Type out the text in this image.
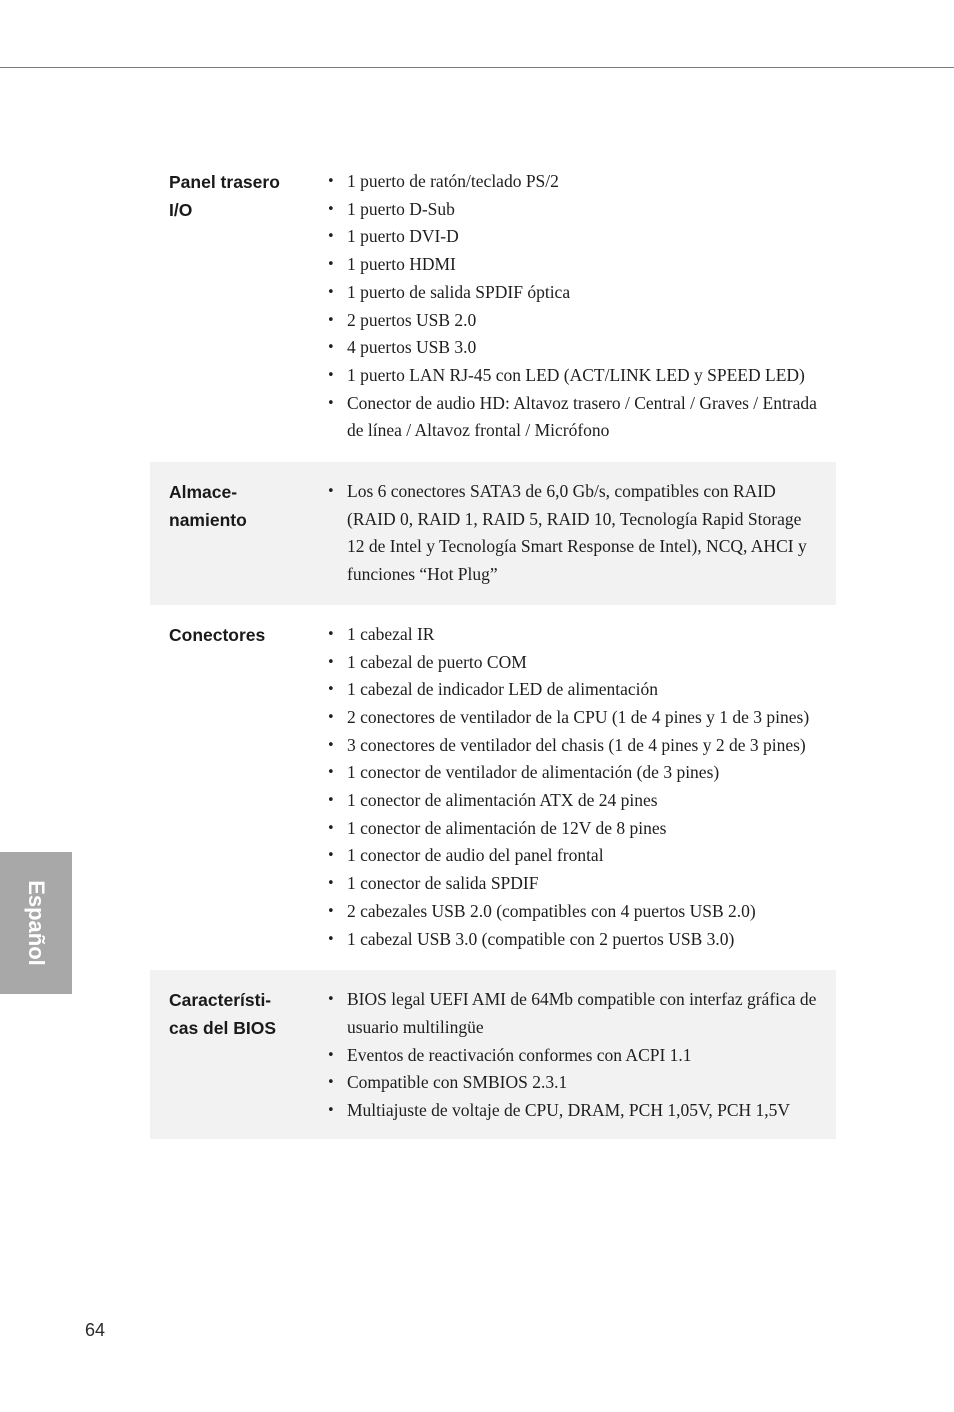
Panel trasero
I/O
• 1 puerto de ratón/teclado PS/2
• 1 puerto D-Sub
• 1 puerto DVI-D
• 1 puerto HDMI
• 1 puerto de salida SPDIF óptica
• 2 puertos USB 2.0
• 4 puertos USB 3.0
• 1 puerto LAN RJ-45 con LED (ACT/LINK LED y SPEED LED)
• Conector de audio HD: Altavoz trasero / Central / Graves / Entrada de línea / Altavoz frontal / Micrófono
Almace-
namiento
• Los 6 conectores SATA3 de 6,0 Gb/s, compatibles con RAID (RAID 0, RAID 1, RAID 5, RAID 10, Tecnología Rapid Storage 12 de Intel y Tecnología Smart Response de Intel), NCQ, AHCI y funciones “Hot Plug”
Conectores
•	1 cabezal IR
• 1 cabezal de puerto COM
• 1 cabezal de indicador LED de alimentación
• 2 conectores de ventilador de la CPU (1 de 4 pines y 1 de 3 pines)
• 3 conectores de ventilador del chasis (1 de 4 pines y 2 de 3 pines)
• 1 conector de ventilador de alimentación (de 3 pines)
• 1 conector de alimentación ATX de 24 pines
• 1 conector de alimentación de 12V de 8 pines
• 1 conector de audio del panel frontal
• 1 conector de salida SPDIF
• 2 cabezales USB 2.0 (compatibles con 4 puertos USB 2.0)
• 1 cabezal USB 3.0 (compatible con 2 puertos USB 3.0)
Característi-
cas del BIOS
• BIOS legal UEFI AMI de 64Mb compatible con interfaz gráfica de usuario multilingüe
• Eventos de reactivación conformes con ACPI 1.1
• Compatible con SMBIOS 2.3.1
• Multiajuste de voltaje de CPU, DRAM, PCH 1,05V, PCH 1,5V
Español
64
